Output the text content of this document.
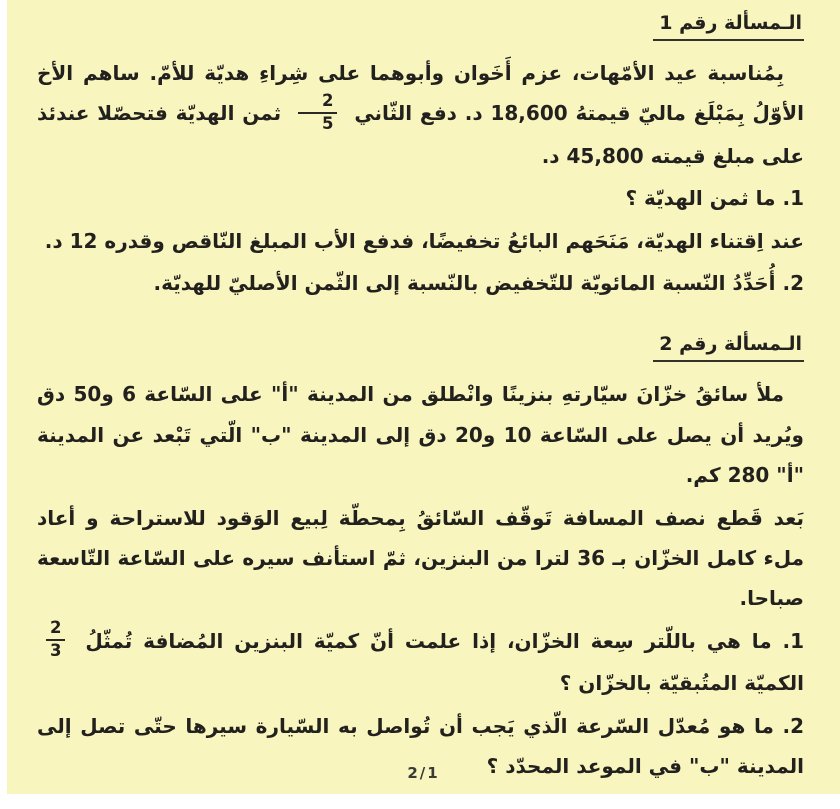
الـمسألة رقم 1

بِمُناسبة عيد الأمّهات، عزم أَخَوان وأبوهما على شِراءِ هديّة للأمّ. ساهم الأخ الأوّلُ بِمَبْلَغ ماليّ قيمتهُ 18,600 د. دفع الثّاني
$\frac{2}{5}$
ثمن الهديّة فتحصّلا عندئذ على مبلغ قيمته 45,800 د.

1. ما ثمن الهديّة ؟

عند اِقتناء الهديّة، مَنَحَهم البائعُ تخفيضًا، فدفع الأب المبلغ النّاقص وقدره 12 د.

2. أُحَدِّدُ النّسبة المائويّة للتّخفيض بالنّسبة إلى الثّمن الأصليّ للهديّة.

الـمسألة رقم 2

ملأ سائقُ خزّانَ سيّارتهِ بنزينًا وانْطلق من المدينة "أ" على السّاعة 6 و50 دق ويُريد أن يصل على السّاعة 10 و20 دق إلى المدينة "ب" الّتي تَبْعد عن المدينة "أ" 280 كم.

بَعد قَطع نصف المسافة تَوقّف السّائقُ بِمحطّة لِبيع الوَقود للاستراحة و أعاد ملء كامل الخزّان بـ 36 لترا من البنزين، ثمّ استأنف سيره على السّاعة التّاسعة صباحا.

1. ما هي باللّتر سِعة الخزّان، إذا علمت أنّ كميّة البنزين المُضافة تُمثّلُ
$\frac{2}{3}$
الكميّة المتُبقيّة بالخزّان ؟

2. ما هو مُعدّل السّرعة الّذي يَجب أن تُواصل به السّيارة سيرها حتّى تصل إلى المدينة "ب" في الموعد المحدّد ؟

2/1
